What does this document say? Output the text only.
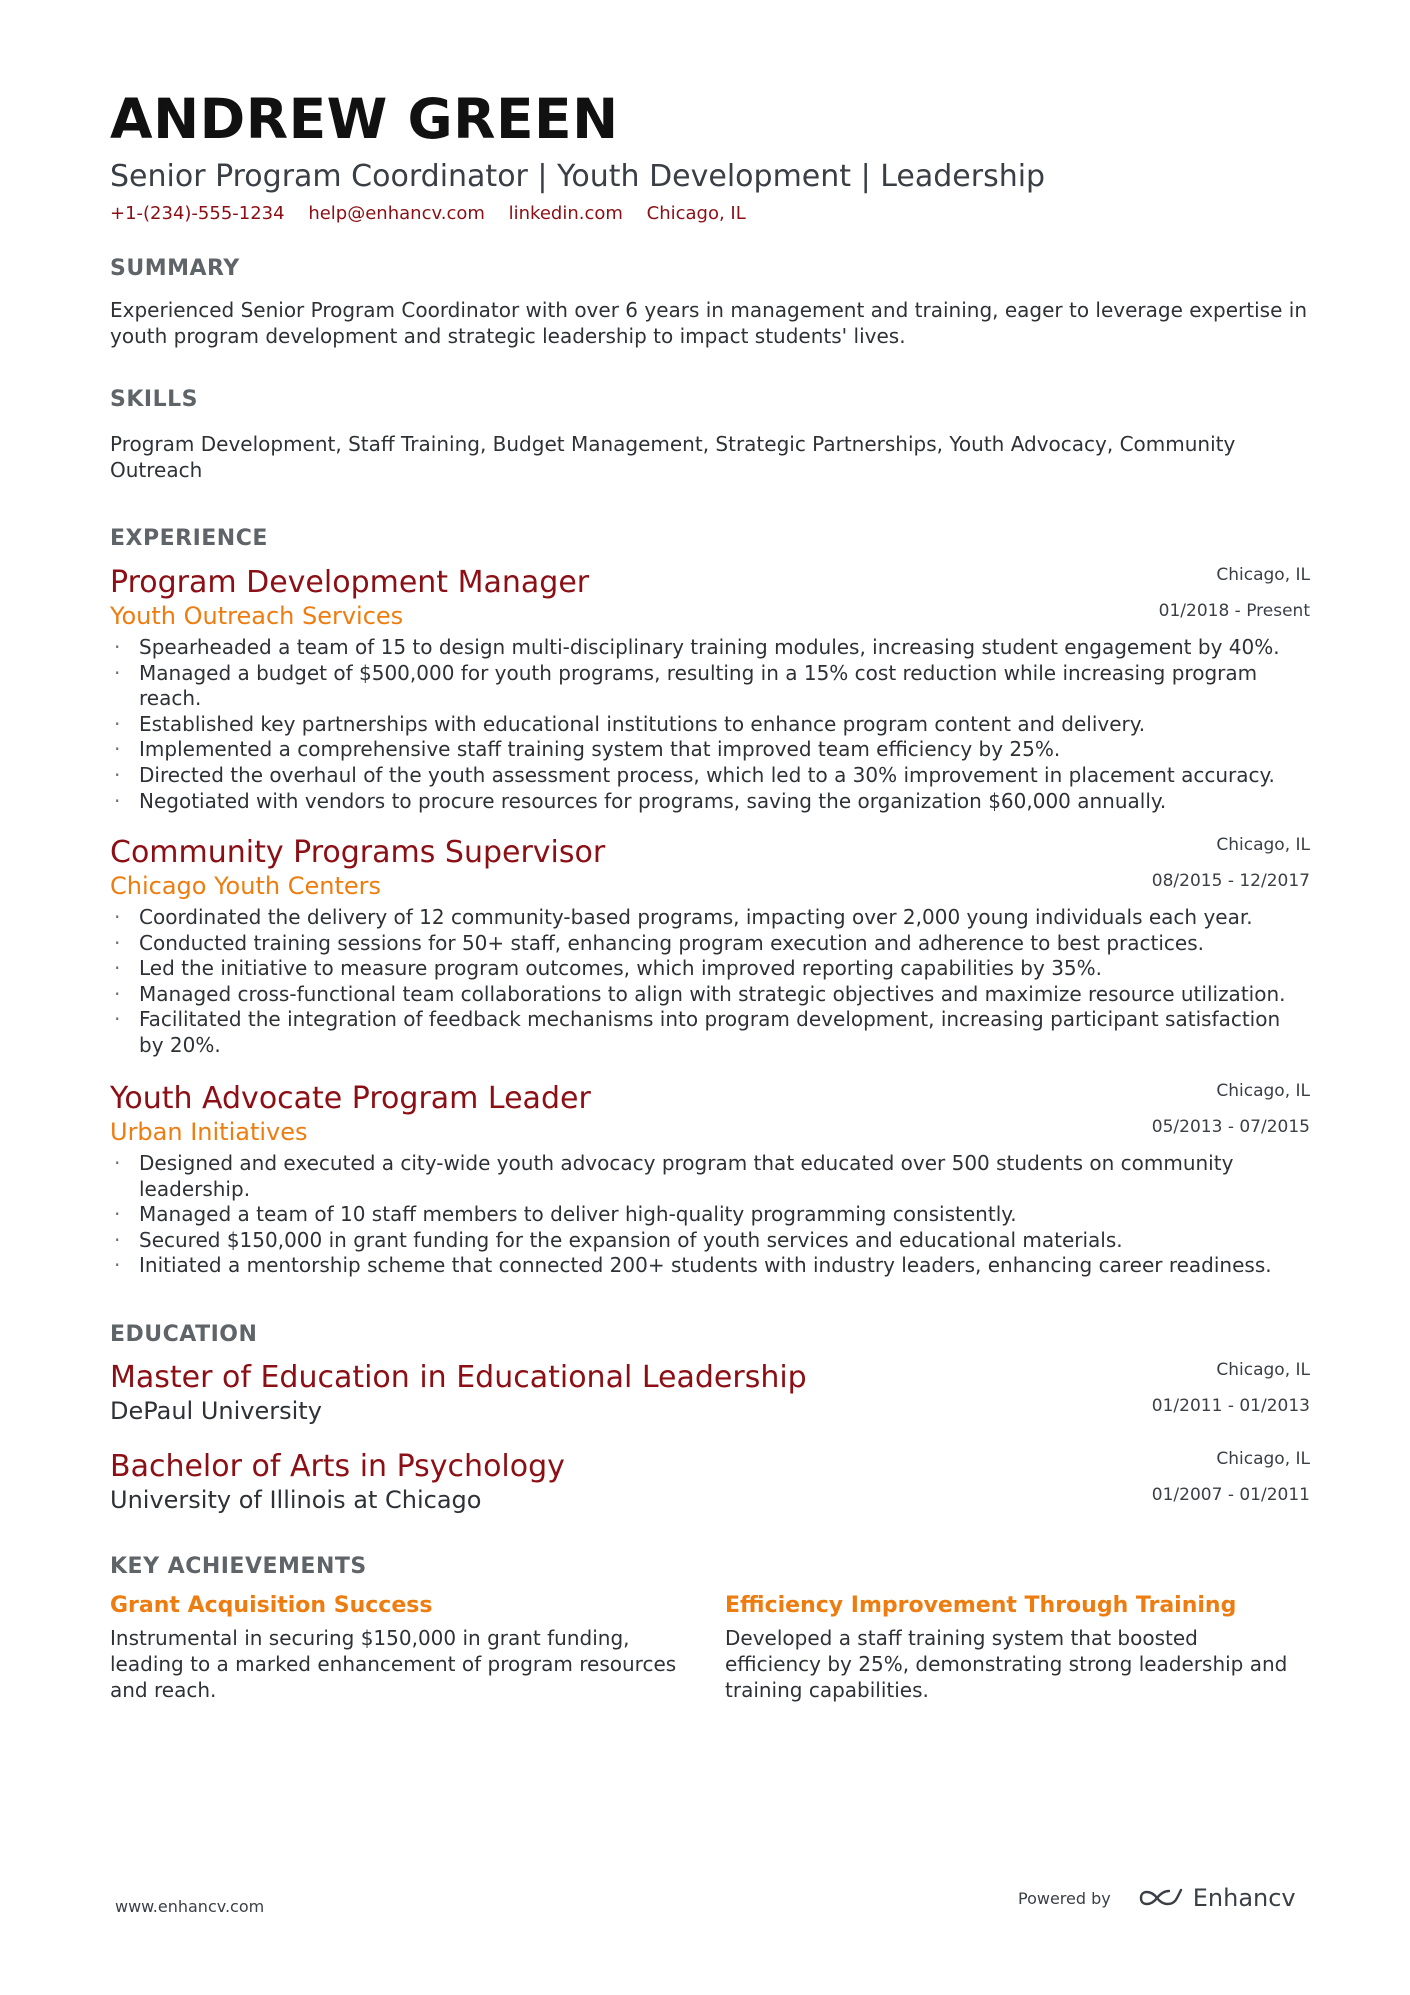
ANDREW GREEN
Senior Program Coordinator | Youth Development | Leadership
+1-(234)-555-1234 help@enhancv.com linkedin.com Chicago, IL
SUMMARY
Experienced Senior Program Coordinator with over 6 years in management and training, eager to leverage expertise in youth program development and strategic leadership to impact students' lives.
SKILLS
Program Development, Staff Training, Budget Management, Strategic Partnerships, Youth Advocacy, Community Outreach
EXPERIENCE
Program Development Manager
Youth Outreach Services
Chicago, IL
01/2018 - Present
· Spearheaded a team of 15 to design multi-disciplinary training modules, increasing student engagement by 40%.
· Managed a budget of $500,000 for youth programs, resulting in a 15% cost reduction while increasing program reach.
· Established key partnerships with educational institutions to enhance program content and delivery.
· Implemented a comprehensive staff training system that improved team efficiency by 25%.
· Directed the overhaul of the youth assessment process, which led to a 30% improvement in placement accuracy.
· Negotiated with vendors to procure resources for programs, saving the organization $60,000 annually.
Community Programs Supervisor
Chicago Youth Centers
Chicago, IL
08/2015 - 12/2017
· Coordinated the delivery of 12 community-based programs, impacting over 2,000 young individuals each year.
· Conducted training sessions for 50+ staff, enhancing program execution and adherence to best practices.
· Led the initiative to measure program outcomes, which improved reporting capabilities by 35%.
· Managed cross-functional team collaborations to align with strategic objectives and maximize resource utilization.
· Facilitated the integration of feedback mechanisms into program development, increasing participant satisfaction by 20%.
Youth Advocate Program Leader
Urban Initiatives
Chicago, IL
05/2013 - 07/2015
· Designed and executed a city-wide youth advocacy program that educated over 500 students on community leadership.
· Managed a team of 10 staff members to deliver high-quality programming consistently.
· Secured $150,000 in grant funding for the expansion of youth services and educational materials.
· Initiated a mentorship scheme that connected 200+ students with industry leaders, enhancing career readiness.
EDUCATION
Master of Education in Educational Leadership
DePaul University
Chicago, IL
01/2011 - 01/2013
Bachelor of Arts in Psychology
University of Illinois at Chicago
Chicago, IL
01/2007 - 01/2011
KEY ACHIEVEMENTS
Grant Acquisition Success
Instrumental in securing $150,000 in grant funding, leading to a marked enhancement of program resources and reach.
Efficiency Improvement Through Training
Developed a staff training system that boosted efficiency by 25%, demonstrating strong leadership and training capabilities.
www.enhancv.com	Powered by	Enhancv
